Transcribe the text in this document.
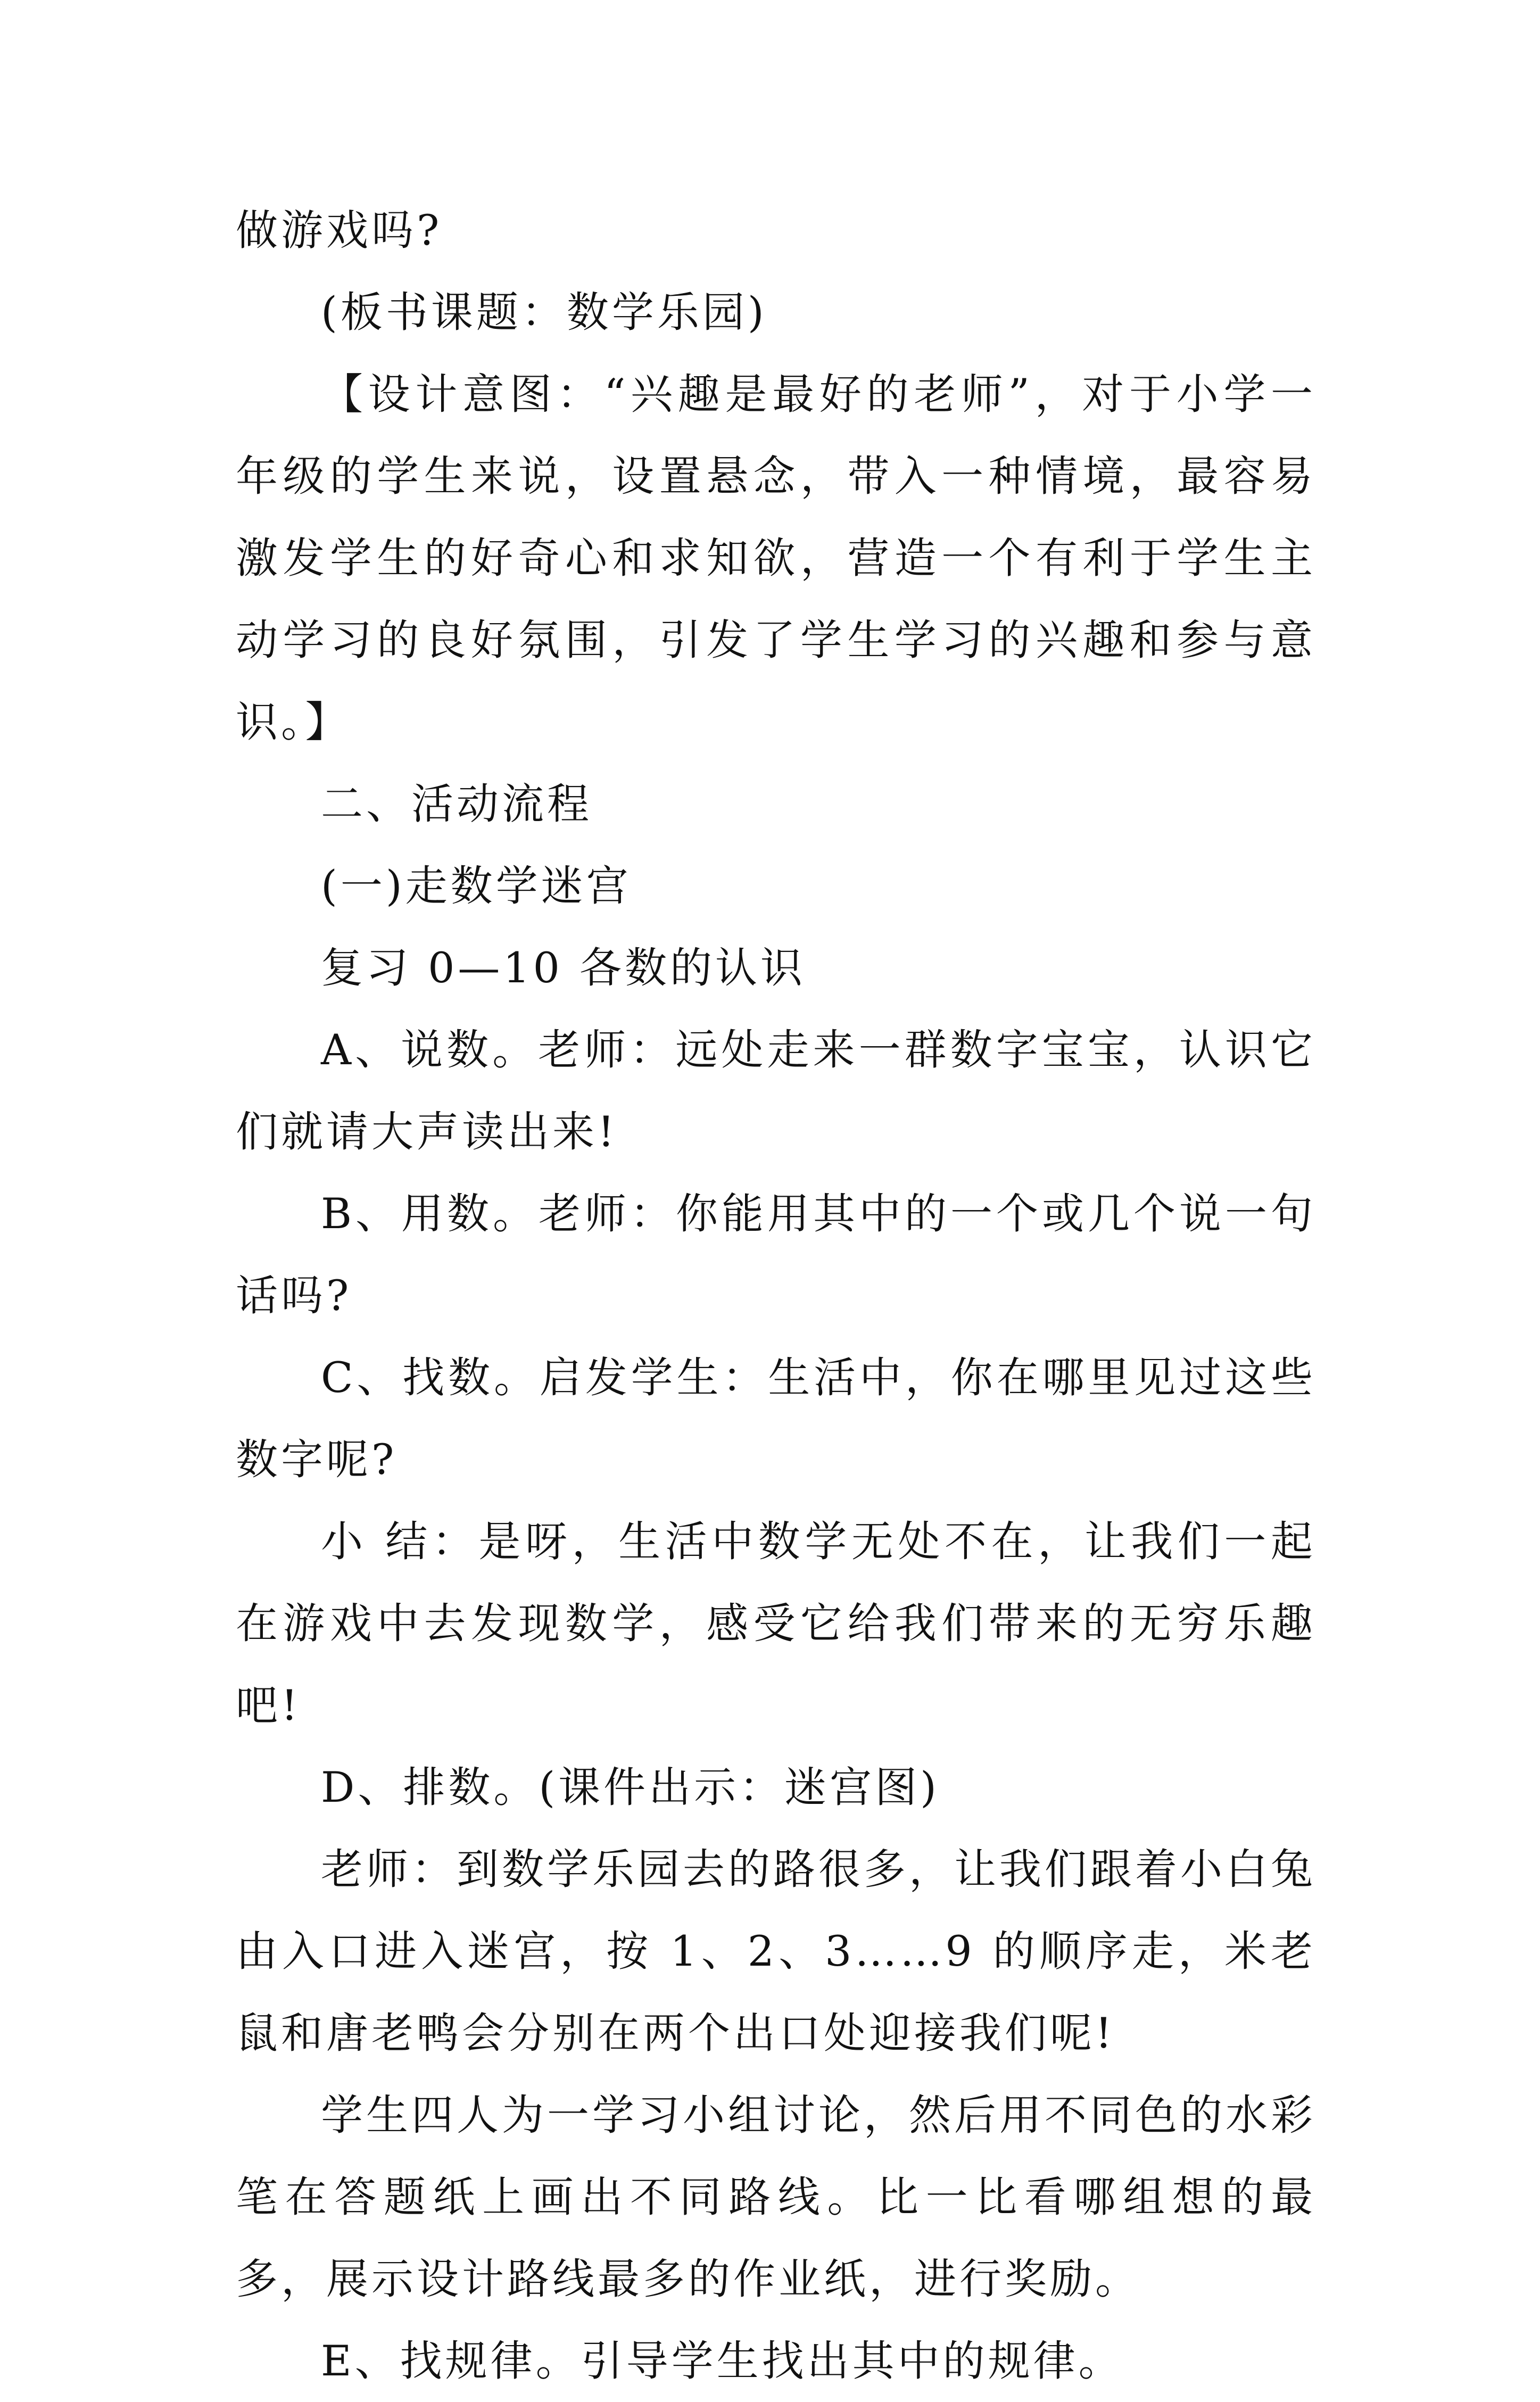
做游戏吗?

(板书课题：数学乐园)

【设计意图：“兴趣是最好的老师”，对于小学一年级的学生来说，设置悬念，带入一种情境，最容易激发学生的好奇心和求知欲，营造一个有利于学生主动学习的良好氛围，引发了学生学习的兴趣和参与意识。】

二、活动流程

(一)走数学迷宫

复习 0—10 各数的认识

A、说数。老师：远处走来一群数字宝宝，认识它们就请大声读出来!

B、用数。老师：你能用其中的一个或几个说一句话吗?

C、找数。启发学生：生活中，你在哪里见过这些数字呢?

小 结：是呀，生活中数学无处不在，让我们一起在游戏中去发现数学，感受它给我们带来的无穷乐趣吧!

D、排数。(课件出示：迷宫图)

老师：到数学乐园去的路很多，让我们跟着小白兔由入口进入迷宫，按 1、2、3……9 的顺序走，米老鼠和唐老鸭会分别在两个出口处迎接我们呢!

学生四人为一学习小组讨论，然后用不同色的水彩笔在答题纸上画出不同路线。比一比看哪组想的最多，展示设计路线最多的作业纸，进行奖励。

E、找规律。引导学生找出其中的规律。
